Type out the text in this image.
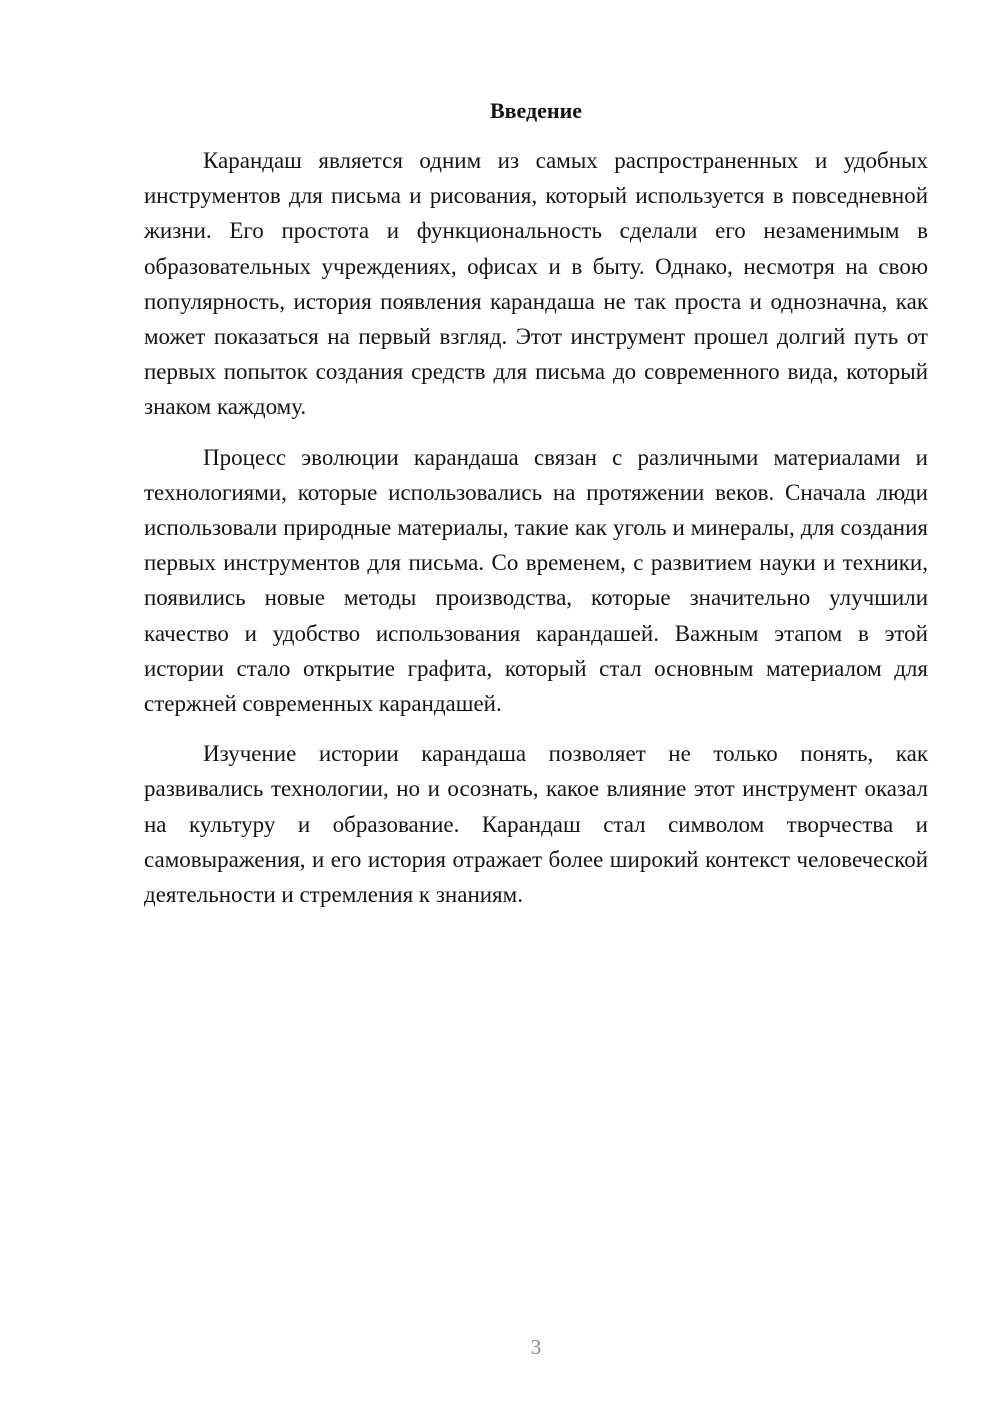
Введение

Карандаш является одним из самых распространенных и удобных инструментов для письма и рисования, который используется в повседневной жизни. Его простота и функциональность сделали его незаменимым в образовательных учреждениях, офисах и в быту. Однако, несмотря на свою популярность, история появления карандаша не так проста и однозначна, как может показаться на первый взгляд. Этот инструмент прошел долгий путь от первых попыток создания средств для письма до современного вида, который знаком каждому.

Процесс эволюции карандаша связан с различными материалами и технологиями, которые использовались на протяжении веков. Сначала люди использовали природные материалы, такие как уголь и минералы, для создания первых инструментов для письма. Со временем, с развитием науки и техники, появились новые методы производства, которые значительно улучшили качество и удобство использования карандашей. Важным этапом в этой истории стало открытие графита, который стал основным материалом для стержней современных карандашей.

Изучение истории карандаша позволяет не только понять, как развивались технологии, но и осознать, какое влияние этот инструмент оказал на культуру и образование. Карандаш стал символом творчества и самовыражения, и его история отражает более широкий контекст человеческой деятельности и стремления к знаниям.

3
